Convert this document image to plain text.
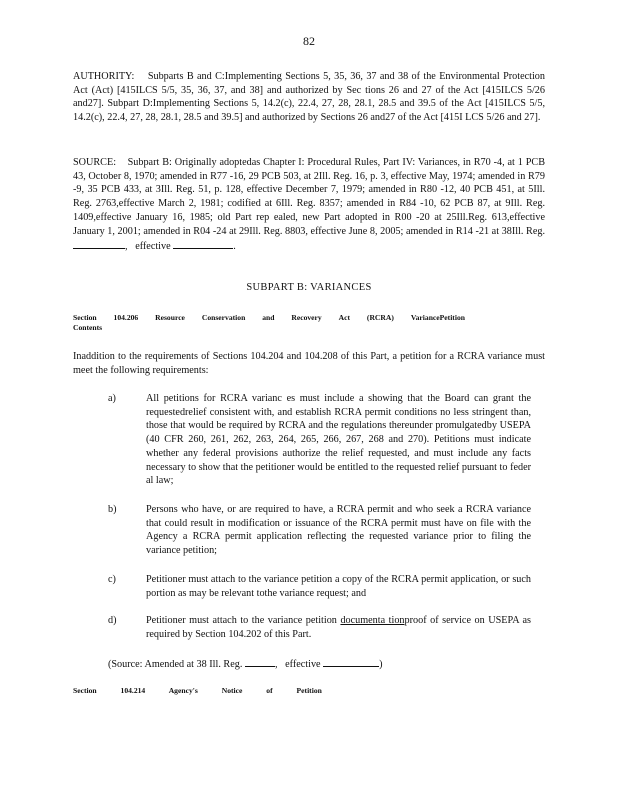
82
AUTHORITY: Subparts B and C:Implementing Sections 5, 35, 36, 37 and 38 of the Environmental Protection Act (Act) [415ILCS 5/5, 35, 36, 37, and 38] and authorized by Sec tions 26 and 27 of the Act [415ILCS 5/26 and27]. Subpart D:Implementing Sections 5, 14.2(c), 22.4, 27, 28, 28.1, 28.5 and 39.5 of the Act [415ILCS 5/5, 14.2(c), 22.4, 27, 28, 28.1, 28.5 and 39.5] and authorized by Sections 26 and27 of the Act [415I LCS 5/26 and 27].
SOURCE: Subpart B: Originally adoptedas Chapter I: Procedural Rules, Part IV: Variances, in R70 -4, at 1 PCB 43, October 8, 1970; amended in R77 -16, 29 PCB 503, at 2Ill. Reg. 16, p. 3, effective May, 1974; amended in R79 -9, 35 PCB 433, at 3Ill. Reg. 51, p. 128, effective December 7, 1979; amended in R80 -12, 40 PCB 451, at 5Ill. Reg. 2763,effective March 2, 1981; codified at 6Ill. Reg. 8357; amended in R84 -10, 62 PCB 87, at 9Ill. Reg. 1409,effective January 16, 1985; old Part rep ealed, new Part adopted in R00 -20 at 25Ill.Reg. 613,effective January 1, 2001; amended in R04 -24 at 29Ill. Reg. 8803, effective June 8, 2005; amended in R14 -21 at 38Ill. Reg. , effective	.
SUBPART B: VARIANCES
Section 104.206 Resource Conservation and Recovery Act (RCRA) VariancePetition
Contents
Inaddition to the requirements of Sections 104.204 and 104.208 of this Part, a petition for a RCRA variance must meet the following requirements:
a)	All petitions for RCRA varianc es must include a showing that the Board can grant the requestedrelief consistent with, and establish RCRA permit conditions no less stringent than, those that would be required by RCRA and the regulations thereunder promulgatedby USEPA (40 CFR 260, 261, 262, 263, 264, 265, 266, 267, 268 and 270). Petitions must indicate whether any federal provisions authorize the relief requested, and must include any facts necessary to show that the petitioner would be entitled to the requested relief pursuant to feder al law;
b)	Persons who have, or are required to have, a RCRA permit and who seek a RCRA variance that could result in modification or issuance of the RCRA permit must have on file with the Agency a RCRA permit application reflecting the requested variance prior to filing the variance petition;
c)	Petitioner must attach to the variance petition a copy of the RCRA permit application, or such portion as may be relevant tothe variance request; and
d)	Petitioner must attach to the variance petition documenta tionproof of service on USEPA as required by Section 104.202 of this Part.
(Source: Amended at 38 Ill. Reg.	, effective	)
Section	104.214	Agency's	Notice	of	Petition
